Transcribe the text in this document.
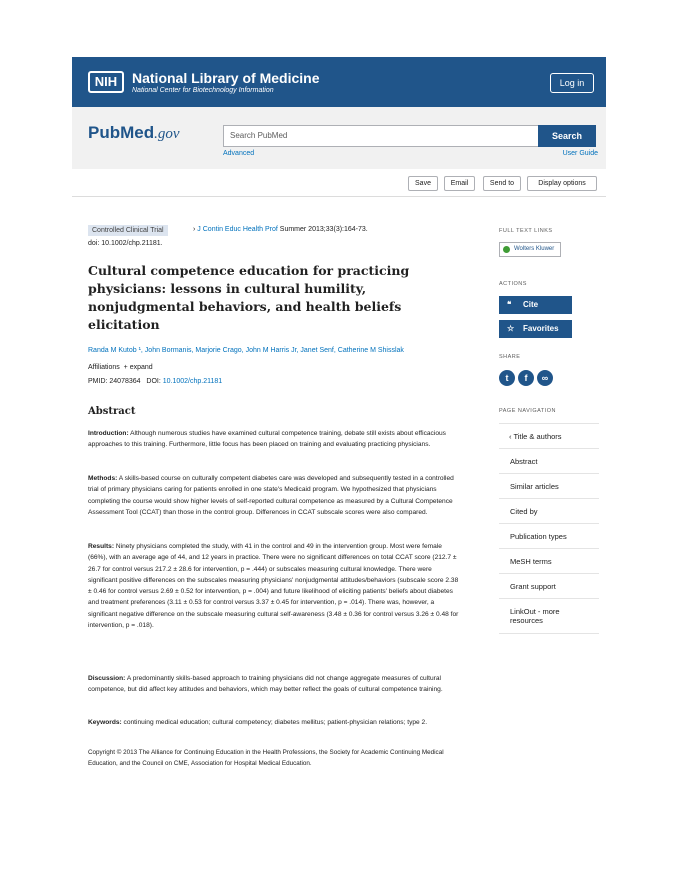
NIH	National Library of Medicine
National Center for Biotechnology Information
Log in
PubMed.gov	Search PubMed	Search
Advanced	User Guide
Save	Email	Send to	Display options
Controlled Clinical Trial	› J Contin Educ Health Prof Summer 2013;33(3):164-73.
doi: 10.1002/chp.21181.
Cultural competence education for practicing physicians: lessons in cultural humility, nonjudgmental behaviors, and health beliefs elicitation
Randa M Kutob ¹, John Bormanis, Marjorie Crago, John M Harris Jr, Janet Senf, Catherine M Shisslak
Affiliations + expand
PMID: 24078364 DOI: 10.1002/chp.21181
Abstract

Introduction: Although numerous studies have examined cultural competence training, debate still exists about efficacious approaches to this training. Furthermore, little focus has been placed on training and evaluating practicing physicians.

Methods: A skills-based course on culturally competent diabetes care was developed and subsequently tested in a controlled trial of primary physicians caring for patients enrolled in one state's Medicaid program. We hypothesized that physicians completing the course would show higher levels of self-reported cultural competence as measured by a Cultural Competence Assessment Tool (CCAT) than those in the control group. Differences in CCAT subscale scores were also compared.

Results: Ninety physicians completed the study, with 41 in the control and 49 in the intervention group. Most were female (66%), with an average age of 44, and 12 years in practice. There were no significant differences on total CCAT score (212.7 ± 26.7 for control versus 217.2 ± 28.6 for intervention, p = .444) or subscales measuring cultural knowledge. There were significant positive differences on the subscales measuring physicians' nonjudgmental attitudes/behaviors (subscale score 2.38 ± 0.46 for control versus 2.69 ± 0.52 for intervention, p = .004) and future likelihood of eliciting patients' beliefs about diabetes and treatment preferences (3.11 ± 0.53 for control versus 3.37 ± 0.45 for intervention, p = .014). There was, however, a significant negative difference on the subscale measuring cultural self-awareness (3.48 ± 0.36 for control versus 3.26 ± 0.48 for intervention, p = .018).

Discussion: A predominantly skills-based approach to training physicians did not change aggregate measures of cultural competence, but did affect key attitudes and behaviors, which may better reflect the goals of cultural competence training.

Keywords: continuing medical education; cultural competency; diabetes mellitus; patient-physician relations; type 2.

Copyright © 2013 The Alliance for Continuing Education in the Health Professions, the Society for Academic Continuing Medical Education, and the Council on CME, Association for Hospital Medical Education.

FULL TEXT LINKS
Wolters Kluwer
ACTIONS
❝ Cite
☆ Favorites
SHARE
t	f	∞
PAGE NAVIGATION
‹ Title & authors
Abstract
Similar articles
Cited by
Publication types
MeSH terms
Grant support
LinkOut - more resources
